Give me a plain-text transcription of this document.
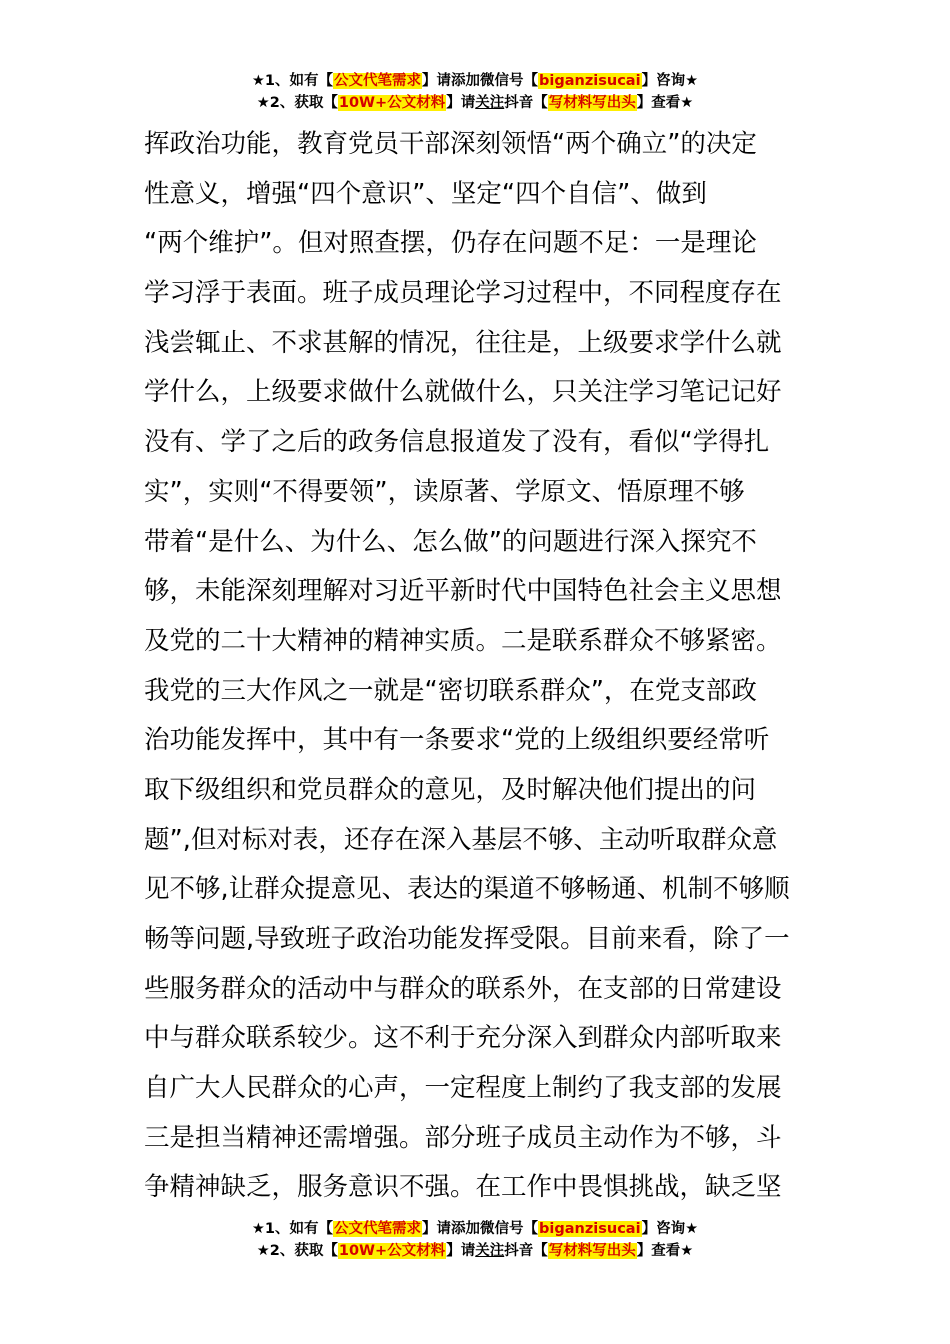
★1、如有【公文代笔需求】请添加微信号【biganzisucai】咨询★
★2、获取【10W+公文材料】请关注抖音【写材料写出头】查看★
挥政治功能，教育党员干部深刻领悟“两个确立”的决定
性意义，增强“四个意识”、坚定“四个自信”、做到
“两个维护”。但对照查摆，仍存在问题不足：一是理论
学习浮于表面。班子成员理论学习过程中，不同程度存在
浅尝辄止、不求甚解的情况，往往是，上级要求学什么就
学什么，上级要求做什么就做什么，只关注学习笔记记好
没有、学了之后的政务信息报道发了没有，看似“学得扎
实”，实则“不得要领”，读原著、学原文、悟原理不够
带着“是什么、为什么、怎么做”的问题进行深入探究不
够，未能深刻理解对习近平新时代中国特色社会主义思想
及党的二十大精神的精神实质。二是联系群众不够紧密。
我党的三大作风之一就是“密切联系群众”，在党支部政
治功能发挥中，其中有一条要求“党的上级组织要经常听
取下级组织和党员群众的意见，及时解决他们提出的问
题”,但对标对表，还存在深入基层不够、主动听取群众意
见不够,让群众提意见、表达的渠道不够畅通、机制不够顺
畅等问题,导致班子政治功能发挥受限。目前来看，除了一
些服务群众的活动中与群众的联系外，在支部的日常建设
中与群众联系较少。这不利于充分深入到群众内部听取来
自广大人民群众的心声，一定程度上制约了我支部的发展
三是担当精神还需增强。部分班子成员主动作为不够，斗
争精神缺乏，服务意识不强。在工作中畏惧挑战，缺乏坚
★1、如有【公文代笔需求】请添加微信号【biganzisucai】咨询★
★2、获取【10W+公文材料】请关注抖音【写材料写出头】查看★
